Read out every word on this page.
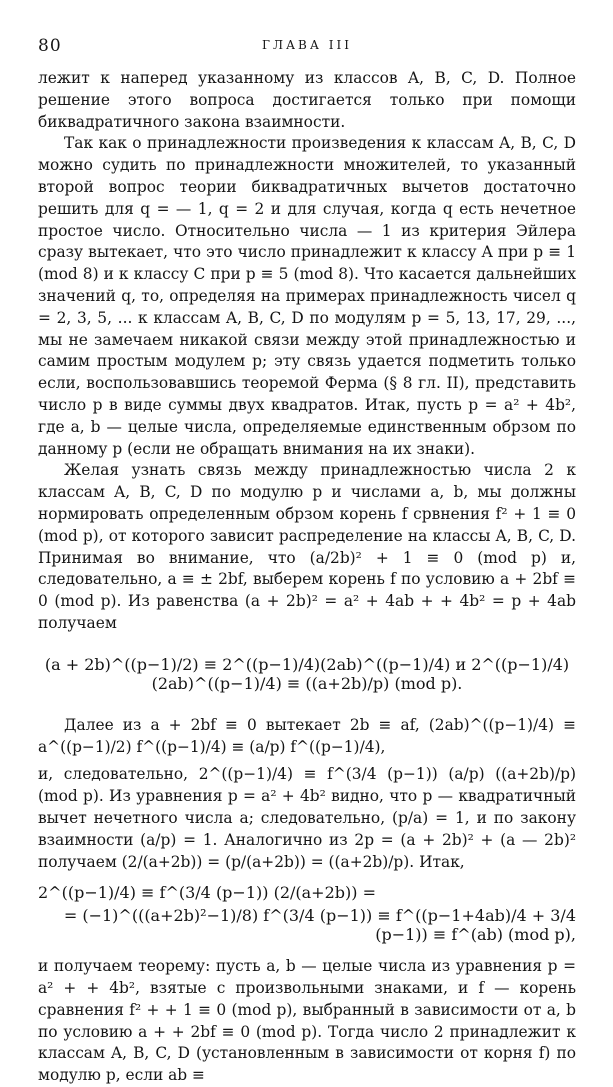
80	ГЛАВА III

лежит к наперед указанному из классов A, B, C, D. Полное решение этого вопроса достигается только при помощи биквадратичного закона взаимности.

Так как о принадлежности произведения к классам A, B, C, D можно судить по принадлежности множителей, то указанный второй вопрос теории биквадратичных вычетов достаточно решить для q = — 1, q = 2 и для случая, когда q есть нечетное простое число. Относительно числа — 1 из критерия Эйлера сразу вытекает, что это число принадлежит к классу A при p ≡ 1 (mod 8) и к классу C при p ≡ 5 (mod 8). Что касается дальнейших значений q, то, определяя на примерах принадлежность чисел q = 2, 3, 5, ... к классам A, B, C, D по модулям p = 5, 13, 17, 29, ..., мы не замечаем никакой связи между этой принадлежностью и самим простым модулем p; эту связь удается подметить только если, воспользовавшись теоремой Ферма (§ 8 гл. II), представить число p в виде суммы двух квадратов. Итак, пусть p = a² + 4b², где a, b — целые числа, определяемые единственным обрзом по данному p (если не обращать внимания на их знаки).

Желая узнать связь между принадлежностью числа 2 к классам A, B, C, D по модулю p и числами a, b, мы должны нормировать определенным обрзом корень f срвнения f² + 1 ≡ 0 (mod p), от которого зависит распределение на классы A, B, C, D. Принимая во внимание, что (a/2b)² + 1 ≡ 0 (mod p) и, следовательно, a ≡ ± 2bf, выберем корень f по условию a + 2bf ≡ 0 (mod p). Из равенства (a + 2b)² = a² + 4ab + + 4b² = p + 4ab получаем

(a + 2b)^((p−1)/2) ≡ 2^((p−1)/4)(2ab)^((p−1)/4) и 2^((p−1)/4)(2ab)^((p−1)/4) ≡ ((a+2b)/p) (mod p).

Далее из a + 2bf ≡ 0 вытекает 2b ≡ af, (2ab)^((p−1)/4) ≡ a^((p−1)/2) f^((p−1)/4) ≡ (a/p) f^((p−1)/4),

и, следовательно, 2^((p−1)/4) ≡ f^(3/4 (p−1)) (a/p) ((a+2b)/p) (mod p). Из уравнения p = a² + 4b² видно, что p — квадратичный вычет нечетного числа a; следовательно, (p/a) = 1, и по закону взаимности (a/p) = 1. Аналогично из 2p = (a + 2b)² + (a — 2b)² получаем (2/(a+2b)) = (p/(a+2b)) = ((a+2b)/p). Итак,

2^((p−1)/4) ≡ f^(3/4 (p−1)) (2/(a+2b)) =
= (−1)^(((a+2b)²−1)/8) f^(3/4 (p−1)) ≡ f^((p−1+4ab)/4 + 3/4 (p−1)) ≡ f^(ab) (mod p),

и получаем теорему: пусть a, b — целые числа из уравнения p = a² + + 4b², взятые с произвольными знаками, и f — корень сравнения f² + + 1 ≡ 0 (mod p), выбранный в зависимости от a, b по условию a + + 2bf ≡ 0 (mod p). Тогда число 2 принадлежит к классам A, B, C, D (установленным в зависимости от корня f) по модулю p, если ab ≡
